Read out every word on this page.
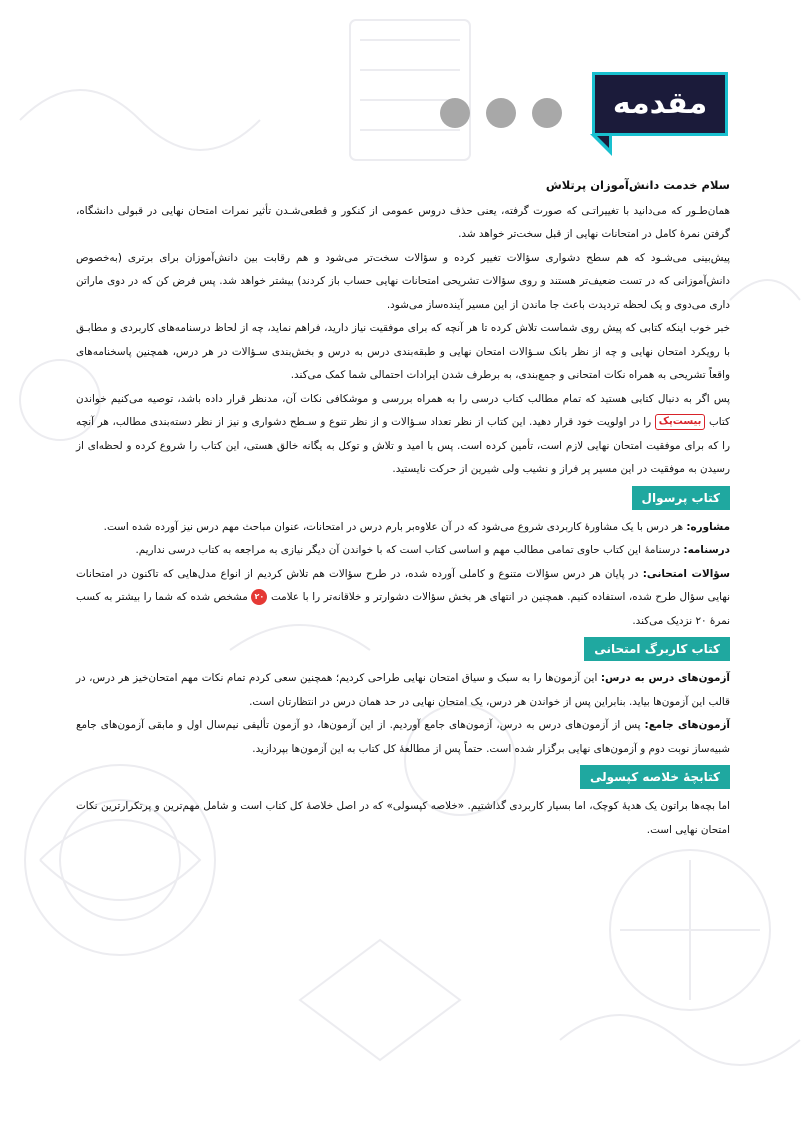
مقدمه

سلام خدمت دانش‌آموزان پرتلاش

همان‌طـور که می‌دانید با تغییراتـی که صورت گرفته، یعنی حذف دروس عمومی از کنکور و قطعی‌شـدن تأثیر نمرات امتحان نهایی در قبولی دانشگاه، گرفتن نمرهٔ کامل در امتحانات نهایی از قبل سخت‌تر خواهد شد.

پیش‌بینی می‌شـود که هم سطح دشواری سؤالات تغییر کرده و سؤالات سخت‌تر می‌شود و هم رقابت بین دانش‌آموزان برای برتری (به‌خصوص دانش‌آموزانی که در تست ضعیف‌تر هستند و روی سؤالات تشریحی امتحانات نهایی حساب باز کردند) بیشتر خواهد شد. پس فرض کن که در دوی ماراتن داری می‌دوی و یک لحظه تردیدت باعث جا ماندن از این مسیر آینده‌ساز می‌شود.

خبر خوب اینکه کتابی که پیش روی شماست تلاش کرده تا هر آنچه که برای موفقیت نیاز دارید، فراهم نماید، چه از لحاظ درسنامه‌های کاربردی و مطابـق با رویکرد امتحان نهایی و چه از نظر بانک سـؤالات امتحان نهایی و طبقه‌بندی درس به درس و بخش‌بندی سـؤالات در هر درس، همچنین پاسخنامه‌های واقعاً تشریحی به همراه نکات امتحانی و جمع‌بندی، به برطرف شدن ایرادات احتمالی شما کمک می‌کند.

پس اگر به دنبال کتابی هستید که تمام مطالب کتاب درسی را به همراه بررسی و موشکافی نکات آن، مدنظر قرار داده باشد، توصیه می‌کنیم خواندن کتاب بیست‌پک را در اولویت خود قرار دهید. این کتاب از نظر تعداد سـؤالات و از نظر تنوع و سـطح دشواری و نیز از نظر دسته‌بندی مطالب، هر آنچه را که برای موفقیت امتحان نهایی لازم است، تأمین کرده است. پس با امید و تلاش و توکل به یگانه خالق هستی، این کتاب را شروع کرده و لحظه‌ای از رسیدن به موفقیت در این مسیر پر فراز و نشیب ولی شیرین از حرکت نایستید.

کتاب پرسوال

مشاوره: هر درس با یک مشاورهٔ کاربردی شروع می‌شود که در آن علاوه‌بر بارم درس در امتحانات، عنوان مباحث مهم درس نیز آورده شده است.

درسنامه: درسنامهٔ این کتاب حاوی تمامی مطالب مهم و اساسی کتاب است که با خواندن آن دیگر نیازی به مراجعه به کتاب درسی نداریم.

سؤالات امتحانی: در پایان هر درس سؤالات متنوع و کاملی آورده شده، در طرح سؤالات هم تلاش کردیم از انواع مدل‌هایی که تاکنون در امتحانات نهایی سؤال طرح شده، استفاده کنیم. همچنین در انتهای هر بخش سؤالات دشوارتر و خلاقانه‌تر را با علامت ۲۰ مشخص شده که شما را بیشتر به کسب نمرهٔ ۲۰ نزدیک می‌کند.

کتاب کاربرگ امتحانی

آزمون‌های درس به درس: این آزمون‌ها را به سبک و سیاق امتحان نهایی طراحی کردیم؛ همچنین سعی کردم تمام نکات مهم امتحان‌خیز هر درس، در قالب این آزمون‌ها بیاید. بنابراین پس از خواندن هر درس، یک امتحان نهایی در حد همان درس در انتظارتان است.

آزمون‌های جامع: پس از آزمون‌های درس به درس، آزمون‌های جامع آوردیم. از این آزمون‌ها، دو آزمون تألیفی نیم‌سال اول و مابقی آزمون‌های جامع شبیه‌ساز نوبت دوم و آزمون‌های نهایی برگزار شده است. حتماً پس از مطالعهٔ کل کتاب به این آزمون‌ها بپردازید.

کتابچهٔ خلاصه کپسولی

اما بچه‌ها براتون یک هدیهٔ کوچک، اما بسیار کاربردی گذاشتیم. «خلاصه کپسولی» که در اصل خلاصهٔ کل کتاب است و شامل مهم‌ترین و پرتکرارترین نکات امتحان نهایی است.
